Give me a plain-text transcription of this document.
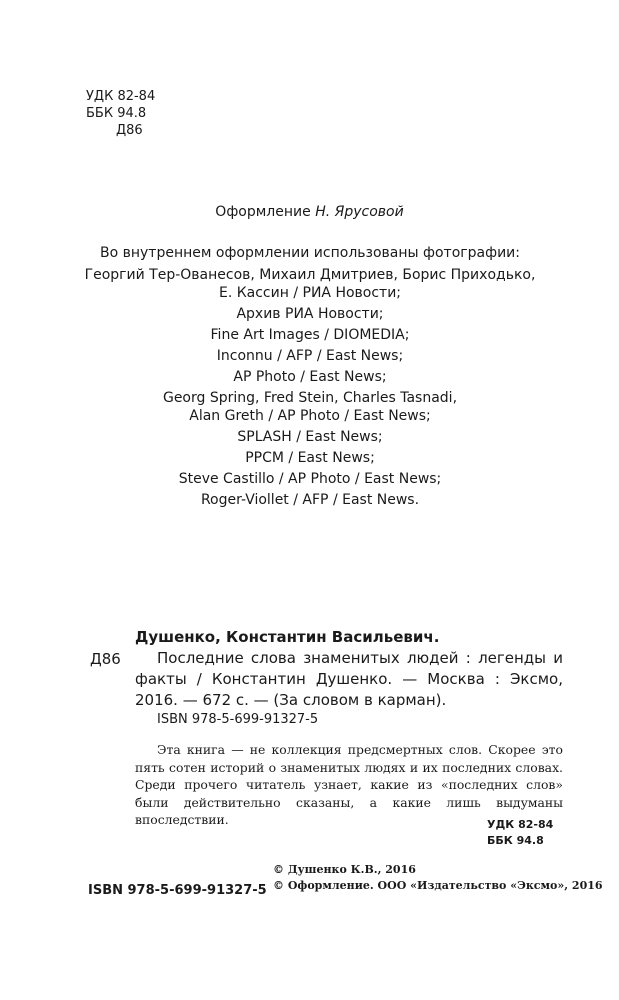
УДК 82-84
ББК 94.8
Д86
Оформление Н. Ярусовой
Во внутреннем оформлении использованы фотографии:
Георгий Тер-Ованесов, Михаил Дмитриев, Борис Приходько,
Е. Кассин / РИА Новости;
Архив РИА Новости;
Fine Art Images / DIOMEDIA;
Inconnu / AFP / East News;
AP Photo / East News;
Georg Spring, Fred Stein, Charles Tasnadi,
Alan Greth / AP Photo / East News;
SPLASH / East News;
PPCM / East News;
Steve Castillo / AP Photo / East News;
Roger-Viollet / AFP / East News.
Д86
Душенко, Константин Васильевич.
Последние слова знаменитых людей : легенды и факты / Константин Душенко. — Москва : Эксмо, 2016. — 672 с. — (За словом в карман).
ISBN 978-5-699-91327-5
Эта книга — не коллекция предсмертных слов. Скорее это пять сотен историй о знаменитых людях и их последних словах. Среди прочего читатель узнает, какие из «последних слов» были действительно сказаны, а какие лишь выдуманы впоследствии.	УДК 82-84
ББК 94.8
© Душенко К.В., 2016
© Оформление. ООО «Издательство «Эксмо», 2016
ISBN 978-5-699-91327-5
